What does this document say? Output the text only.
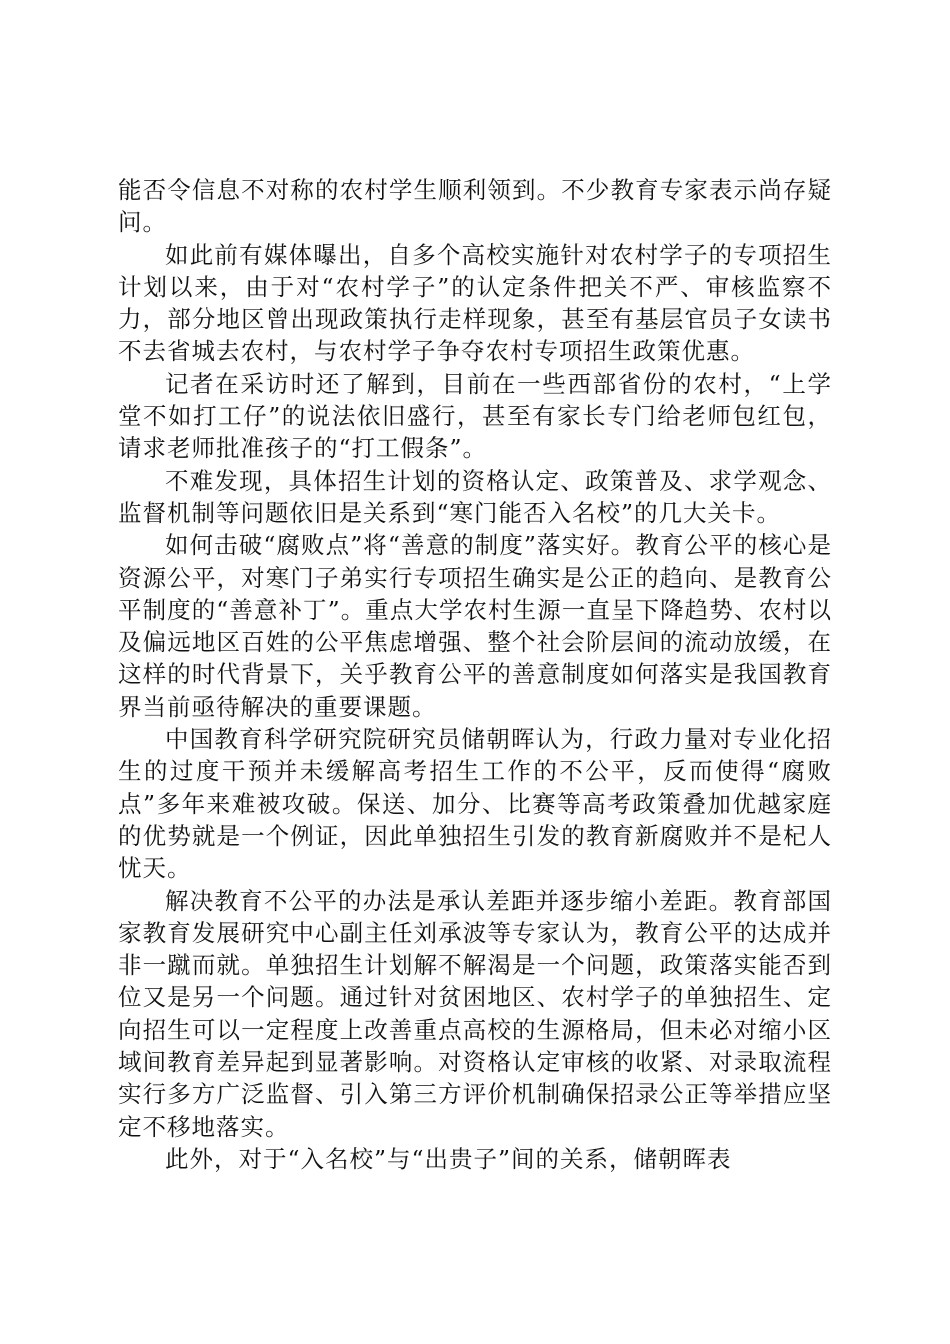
能否令信息不对称的农村学生顺利领到。不少教育专家表示尚存疑问。

如此前有媒体曝出，自多个高校实施针对农村学子的专项招生计划以来，由于对“农村学子”的认定条件把关不严、审核监察不力，部分地区曾出现政策执行走样现象，甚至有基层官员子女读书不去省城去农村，与农村学子争夺农村专项招生政策优惠。

记者在采访时还了解到，目前在一些西部省份的农村，“上学堂不如打工仔”的说法依旧盛行，甚至有家长专门给老师包红包，请求老师批准孩子的“打工假条”。

不难发现，具体招生计划的资格认定、政策普及、求学观念、监督机制等问题依旧是关系到“寒门能否入名校”的几大关卡。

如何击破“腐败点”将“善意的制度”落实好。教育公平的核心是资源公平，对寒门子弟实行专项招生确实是公正的趋向、是教育公平制度的“善意补丁”。重点大学农村生源一直呈下降趋势、农村以及偏远地区百姓的公平焦虑增强、整个社会阶层间的流动放缓，在这样的时代背景下，关乎教育公平的善意制度如何落实是我国教育界当前亟待解决的重要课题。

中国教育科学研究院研究员储朝晖认为，行政力量对专业化招生的过度干预并未缓解高考招生工作的不公平，反而使得“腐败点”多年来难被攻破。保送、加分、比赛等高考政策叠加优越家庭的优势就是一个例证，因此单独招生引发的教育新腐败并不是杞人忧天。

解决教育不公平的办法是承认差距并逐步缩小差距。教育部国家教育发展研究中心副主任刘承波等专家认为，教育公平的达成并非一蹴而就。单独招生计划解不解渴是一个问题，政策落实能否到位又是另一个问题。通过针对贫困地区、农村学子的单独招生、定向招生可以一定程度上改善重点高校的生源格局，但未必对缩小区域间教育差异起到显著影响。对资格认定审核的收紧、对录取流程实行多方广泛监督、引入第三方评价机制确保招录公正等举措应坚定不移地落实。

此外，对于“入名校”与“出贵子”间的关系，储朝晖表
